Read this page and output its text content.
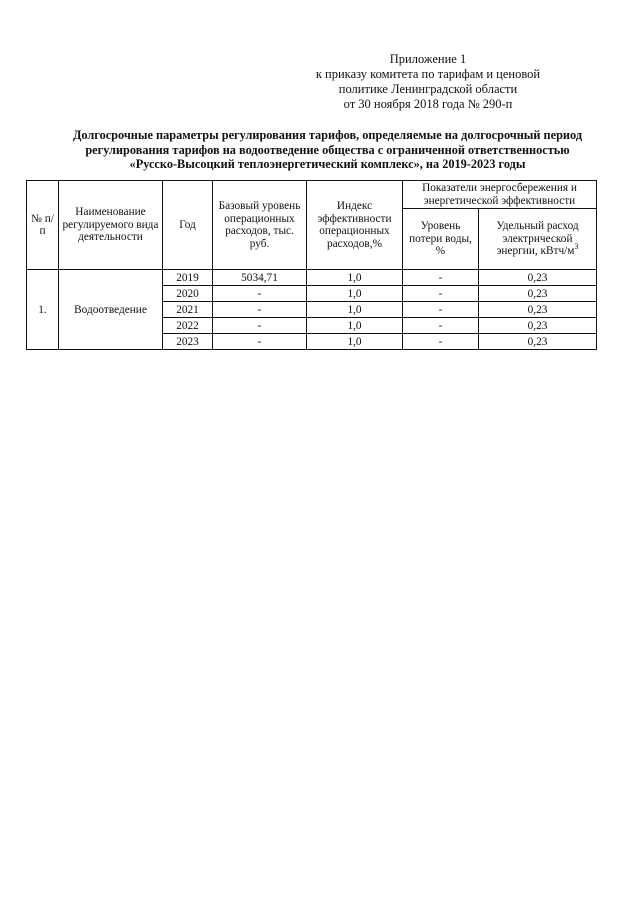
Приложение 1
к приказу комитета по тарифам и ценовой
политике Ленинградской области
от 30 ноября 2018 года № 290-п
Долгосрочные параметры регулирования тарифов, определяемые на долгосрочный период
регулирования тарифов на водоотведение общества с ограниченной ответственностью
«Русско-Высоцкий теплоэнергетический комплекс», на 2019-2023 годы
№ п/п	Наименование регулируемого вида деятельности	Год	Базовый уровень операционных расходов, тыс. руб.	Индекс эффективности операционных расходов,%	Показатели энергосбережения и энергетической эффективности	
					Уровень потери воды, %	Удельный расход электрической энергии, кВтч/$м^3$
1.	Водоотведение	2019	5034,71	1,0	-	0,23
		2020	-	1,0	-	0,23
		2021	-	1,0	-	0,23
		2022	-	1,0	-	0,23
		2023	-	1,0	-	0,23
